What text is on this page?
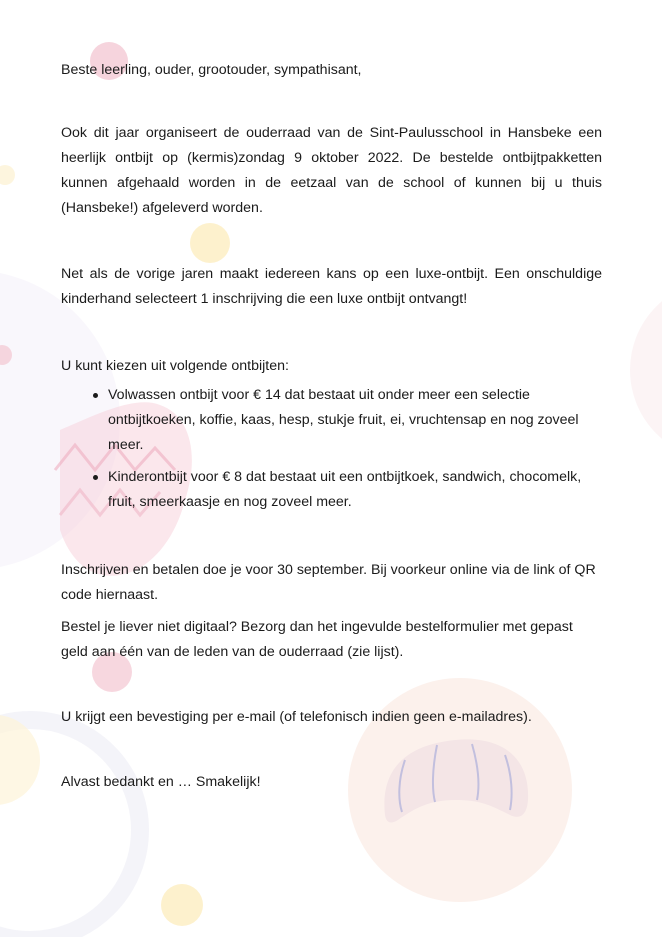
Beste leerling, ouder, grootouder, sympathisant,

Ook dit jaar organiseert de ouderraad van de Sint-Paulusschool in Hansbeke een heerlijk ontbijt op (kermis)zondag 9 oktober 2022. De bestelde ontbijtpakketten kunnen afgehaald worden in de eetzaal van de school of kunnen bij u thuis (Hansbeke!) afgeleverd worden.

Net als de vorige jaren maakt iedereen kans op een luxe-ontbijt. Een onschuldige kinderhand selecteert 1 inschrijving die een luxe ontbijt ontvangt!

U kunt kiezen uit volgende ontbijten:

Volwassen ontbijt voor € 14 dat bestaat uit onder meer een selectie ontbijtkoeken, koffie, kaas, hesp, stukje fruit, ei, vruchtensap en nog zoveel meer.
Kinderontbijt voor € 8 dat bestaat uit een ontbijtkoek, sandwich, chocomelk, fruit, smeerkaasje en nog zoveel meer.

Inschrijven en betalen doe je voor 30 september. Bij voorkeur online via de link of QR code hiernaast.

Bestel je liever niet digitaal? Bezorg dan het ingevulde bestelformulier met gepast geld aan één van de leden van de ouderraad (zie lijst).

U krijgt een bevestiging per e-mail (of telefonisch indien geen e-mailadres).

Alvast bedankt en … Smakelijk!
